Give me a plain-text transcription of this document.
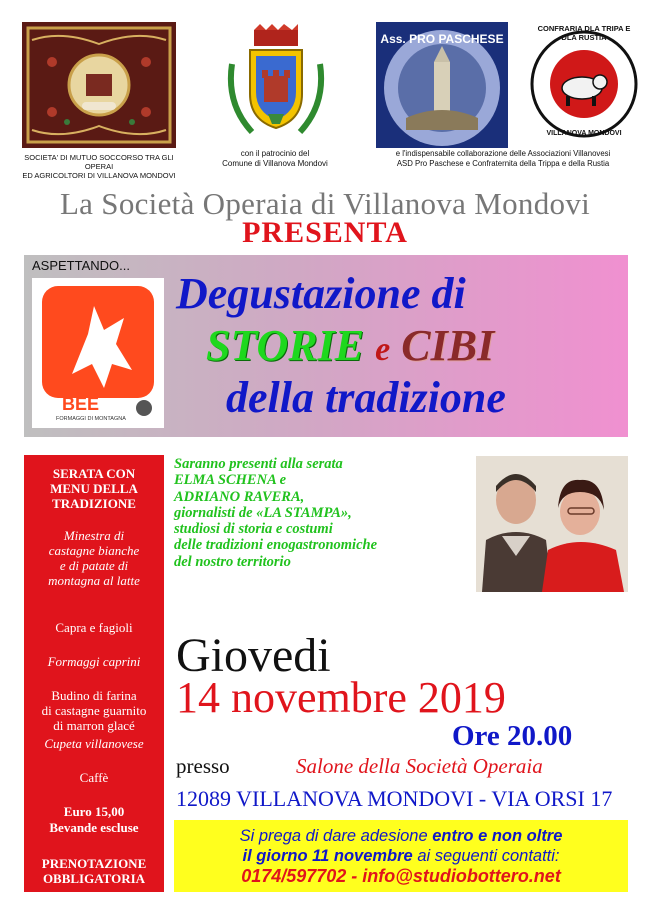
SOCIETA' DI MUTUO SOCCORSO TRA GLI OPERAI
ED AGRICOLTORI DI VILLANOVA MONDOVI
con il patrocinio del
Comune di Villanova Mondovi
Ass. PRO PASCHESE
CONFRARIA DLA TRIPA E DLA RUSTIA
VILLANOVA MONDOVI
e l'indispensabile collaborazione delle Associazioni Villanovesi
ASD Pro Paschese e Confraternita della Trippa e della Rustia
La Società Operaia di Villanova Mondovi
PRESENTA
ASPETTANDO...
BEE
FORMAGGI DI MONTAGNA
Degustazione di
STORIE e CIBI
della tradizione
SERATA CON
MENU DELLA
TRADIZIONE
Minestra di
castagne bianche
e di patate di
montagna al latte
Capra e fagioli
Formaggi caprini
Budino di farina
di castagne guarnito
di marron glacé
Cupeta villanovese
Caffè
Euro 15,00
Bevande escluse
PRENOTAZIONE
OBBLIGATORIA
Saranno presenti alla serata
ELMA SCHENA e
ADRIANO RAVERA,
giornalisti de «LA STAMPA»,
studiosi di storia e costumi
delle tradizioni enogastronomiche
del nostro territorio
Giovedi
14 novembre 2019
Ore 20.00
presso	Salone della Società Operaia
12089 VILLANOVA MONDOVI - VIA ORSI 17
Si prega di dare adesione entro e non oltre
il giorno 11 novembre ai seguenti contatti:
0174/597702 - info@studiobottero.net
